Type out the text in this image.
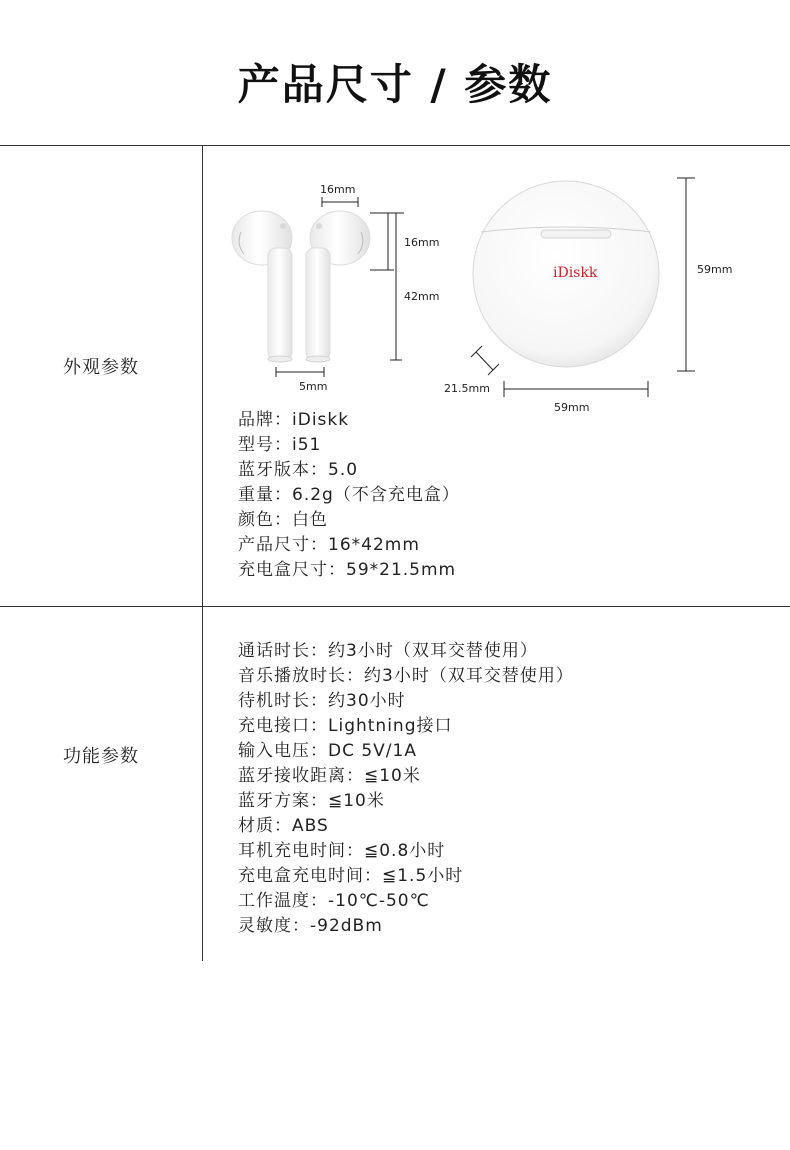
产品尺寸 / 参数
外观参数
iDiskk
16mm
16mm
42mm
5mm
59mm
59mm
21.5mm
品牌：iDiskk
型号：i51
蓝牙版本：5.0
重量：6.2g（不含充电盒）
颜色：白色
产品尺寸：16*42mm
充电盒尺寸：59*21.5mm
功能参数
通话时长：约3小时（双耳交替使用）
音乐播放时长：约3小时（双耳交替使用）
待机时长：约30小时
充电接口：Lightning接口
输入电压：DC 5V/1A
蓝牙接收距离：≦10米
蓝牙方案：≦10米
材质：ABS
耳机充电时间：≦0.8小时
充电盒充电时间：≦1.5小时
工作温度：-10℃-50℃
灵敏度：-92dBm
